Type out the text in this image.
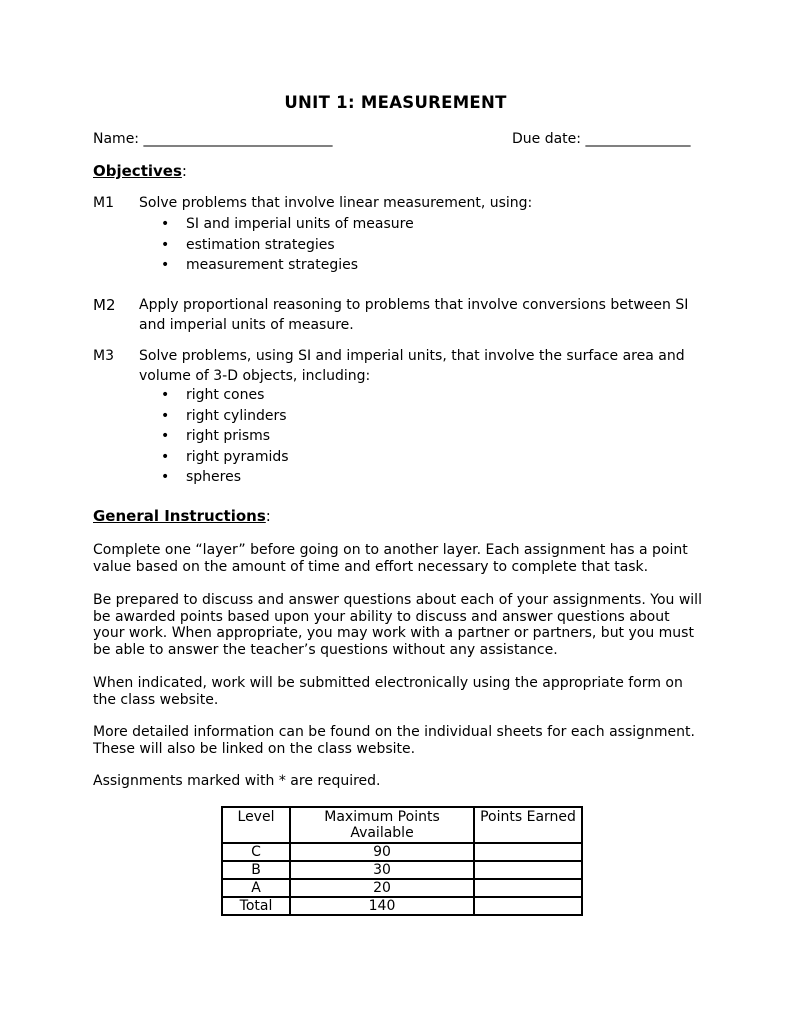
UNIT 1: MEASUREMENT
Name: ___________________________	Due date: _______________
Objectives:
M1	Solve problems that involve linear measurement, using:
• SI and imperial units of measure
• estimation strategies
• measurement strategies
M2	Apply proportional reasoning to problems that involve conversions between SI and imperial units of measure.
M3	Solve problems, using SI and imperial units, that involve the surface area and volume of 3-D objects, including:
• right cones
• right cylinders
• right prisms
• right pyramids
• spheres
General Instructions:

Complete one “layer” before going on to another layer. Each assignment has a point value based on the amount of time and effort necessary to complete that task.

Be prepared to discuss and answer questions about each of your assignments. You will be awarded points based upon your ability to discuss and answer questions about your work. When appropriate, you may work with a partner or partners, but you must be able to answer the teacher’s questions without any assistance.

When indicated, work will be submitted electronically using the appropriate form on the class website.

More detailed information can be found on the individual sheets for each assignment. These will also be linked on the class website.

Assignments marked with * are required.

Level	Maximum Points Available	Points Earned
C	90	
B	30	
A	20	
Total	140	
